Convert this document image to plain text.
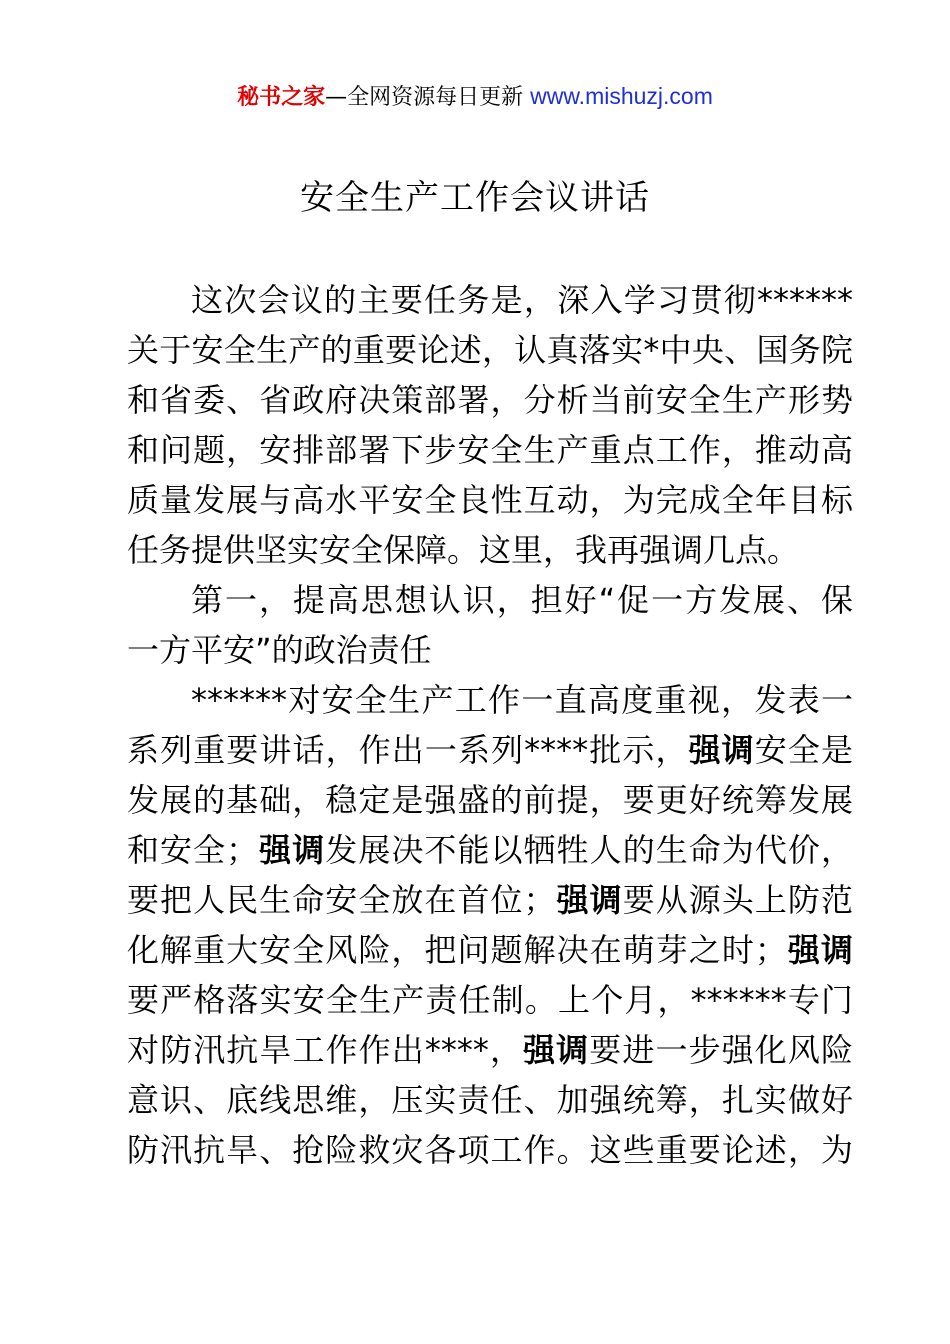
秘书之家—全网资源每日更新 www.mishuzj.com
安全生产工作会议讲话
这次会议的主要任务是，深入学习贯彻******
关于安全生产的重要论述，认真落实*中央、国务院
和省委、省政府决策部署，分析当前安全生产形势
和问题，安排部署下步安全生产重点工作，推动高
质量发展与高水平安全良性互动，为完成全年目标
任务提供坚实安全保障。这里，我再强调几点。
第一，提高思想认识，担好“促一方发展、保
一方平安”的政治责任
******对安全生产工作一直高度重视，发表一
系列重要讲话，作出一系列****批示，强调安全是
发展的基础，稳定是强盛的前提，要更好统筹发展
和安全；强调发展决不能以牺牲人的生命为代价，
要把人民生命安全放在首位；强调要从源头上防范
化解重大安全风险，把问题解决在萌芽之时；强调
要严格落实安全生产责任制。上个月，******专门
对防汛抗旱工作作出****，强调要进一步强化风险
意识、底线思维，压实责任、加强统筹，扎实做好
防汛抗旱、抢险救灾各项工作。这些重要论述，为
